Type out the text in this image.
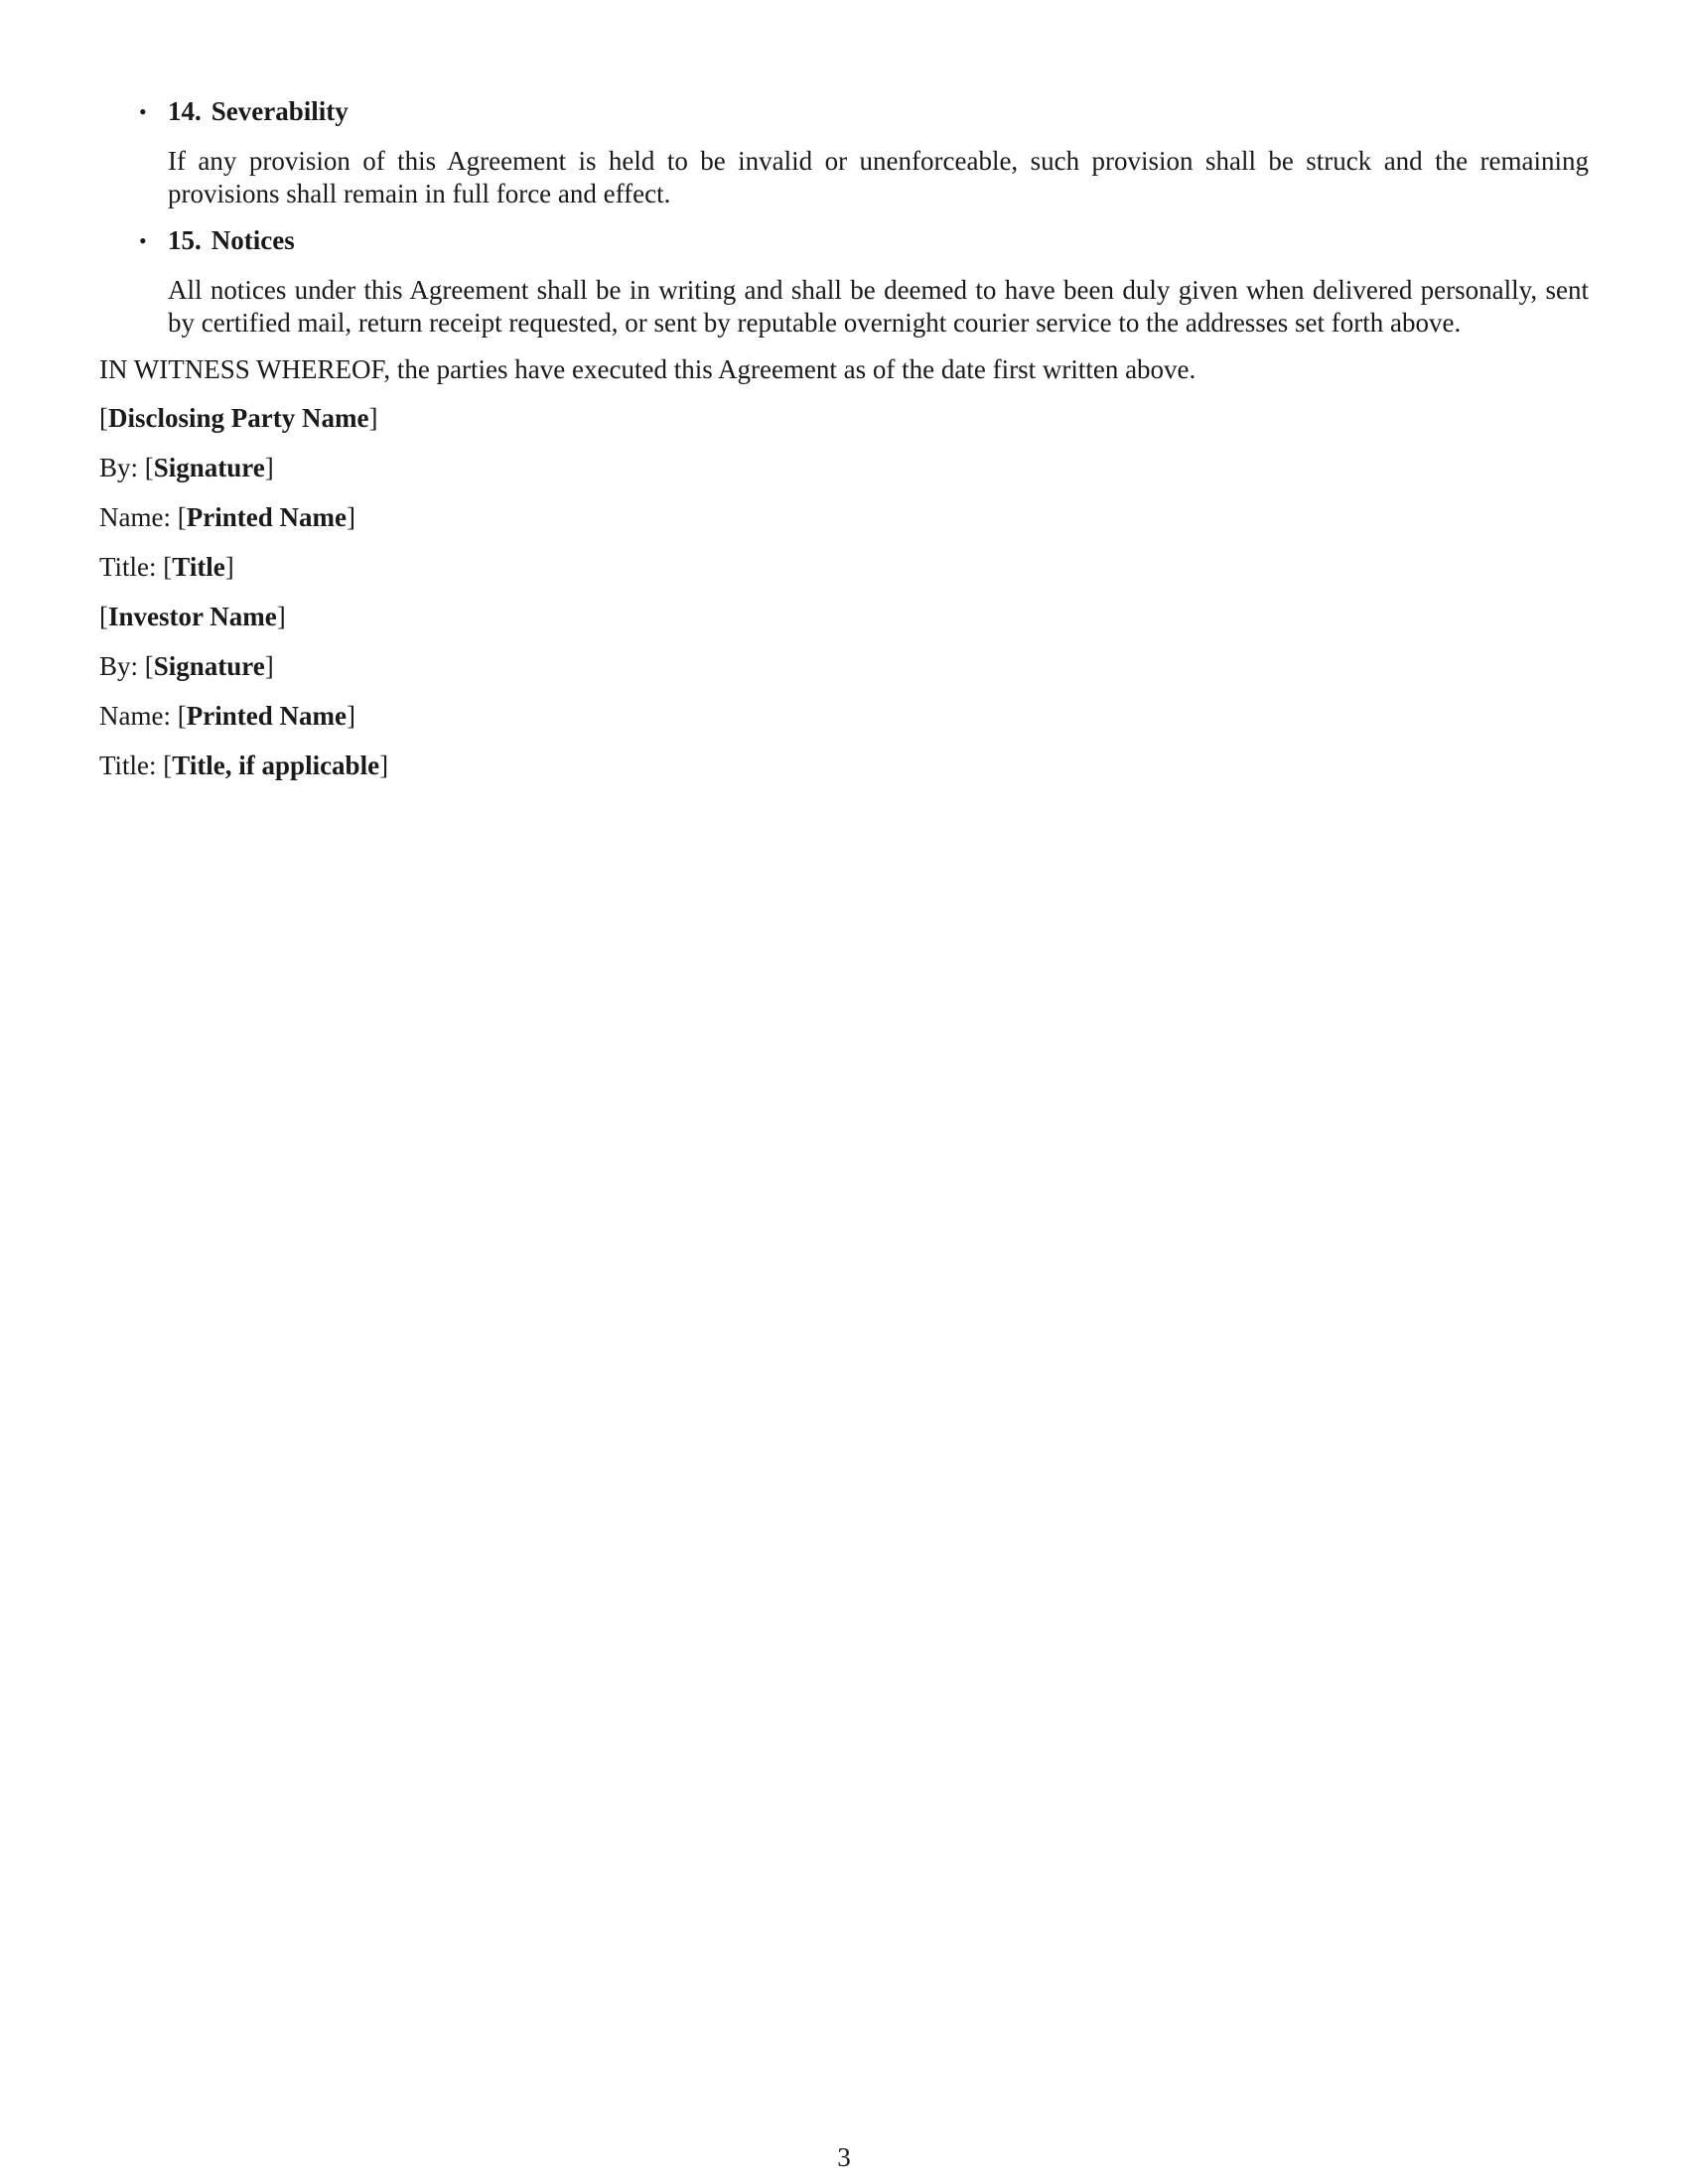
• 14. Severability

If any provision of this Agreement is held to be invalid or unenforceable, such provision shall be struck and the remaining provisions shall remain in full force and effect.

• 15. Notices

All notices under this Agreement shall be in writing and shall be deemed to have been duly given when delivered personally, sent by certified mail, return receipt requested, or sent by reputable overnight courier service to the addresses set forth above.

IN WITNESS WHEREOF, the parties have executed this Agreement as of the date first written above.

[Disclosing Party Name]

By: [Signature]

Name: [Printed Name]

Title: [Title]

[Investor Name]

By: [Signature]

Name: [Printed Name]

Title: [Title, if applicable]

3
